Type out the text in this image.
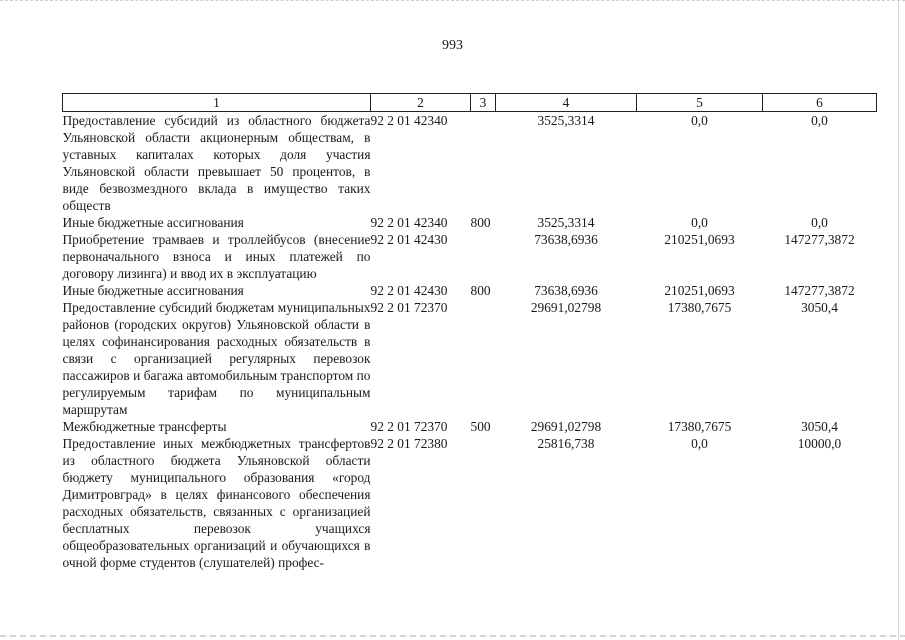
993
1	2	3	4	5	6
Предоставление субсидий из областного бюджета Ульяновской области акционерным обществам, в уставных капиталах которых доля участия Ульяновской области превышает 50 процентов, в виде безвозмездного вклада в имущество таких обществ	92 2 01 42340		3525,3314	0,0	0,0
Иные бюджетные ассигнования	92 2 01 42340	800	3525,3314	0,0	0,0
Приобретение трамваев и троллейбусов (внесение первоначального взноса и иных платежей по договору лизинга) и ввод их в эксплуатацию	92 2 01 42430		73638,6936	210251,0693	147277,3872
Иные бюджетные ассигнования	92 2 01 42430	800	73638,6936	210251,0693	147277,3872
Предоставление субсидий бюджетам муниципальных районов (городских округов) Ульяновской области в целях софинансирования расходных обязательств в связи с организацией регулярных перевозок пассажиров и багажа автомобильным транспортом по регулируемым тарифам по муниципальным маршрутам	92 2 01 72370		29691,02798	17380,7675	3050,4
Межбюджетные трансферты	92 2 01 72370	500	29691,02798	17380,7675	3050,4
Предоставление иных межбюджетных трансфертов из областного бюджета Ульяновской области бюджету муниципального образования «город Димитровград» в целях финансового обеспечения расходных обязательств, связанных с организацией бесплатных перевозок учащихся общеобразовательных организаций и обучающихся в очной форме студентов (слушателей) профес-	92 2 01 72380		25816,738	0,0	10000,0
